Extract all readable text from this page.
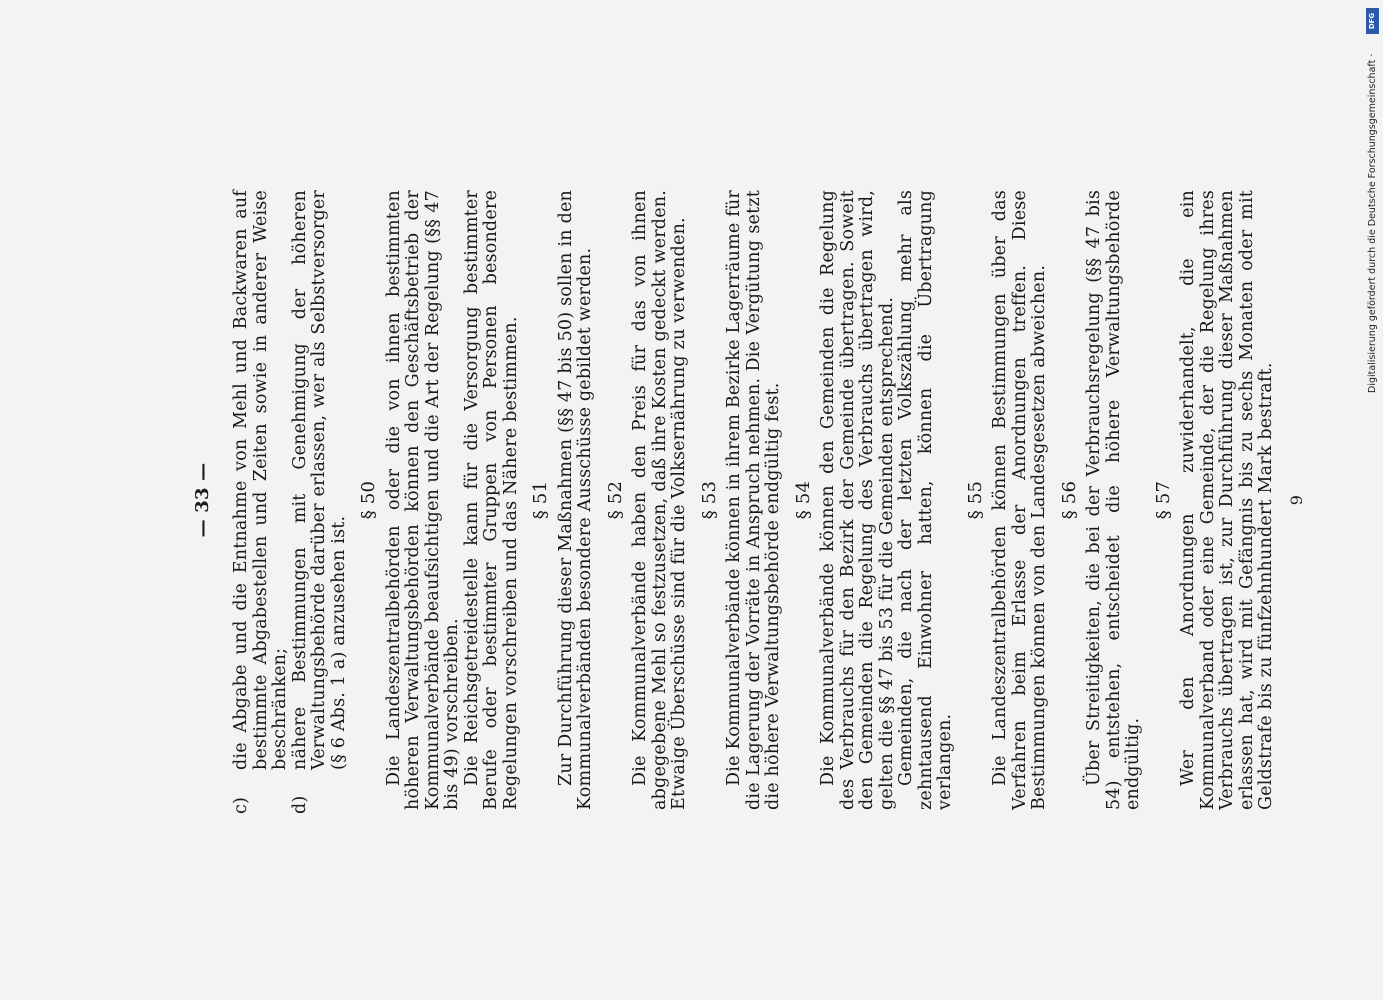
— 33 —
c)die Abgabe und die Entnahme von Mehl und Backwaren auf bestimmte Abgabestellen und Zeiten sowie in anderer Weise beschränken;
d)nähere Bestimmungen mit Genehmigung der höheren Verwaltungsbehörde darüber erlassen, wer als Selbstversorger (§ 6 Abs. 1 a) anzusehen ist.
§ 50 Die Landeszentralbehörden oder die von ihnen bestimmten höheren Verwaltungsbehörden können den Geschäftsbetrieb der Kommunalverbände beaufsichtigen und die Art der Regelung (§§ 47 bis 49) vorschreiben. Die Reichsgetreidestelle kann für die Versorgung bestimmter Berufe oder bestimmter Gruppen von Personen besondere Regelungen vorschreiben und das Nähere bestimmen. § 51 Zur Durchführung dieser Maßnahmen (§§ 47 bis 50) sollen in den Kommunalverbänden besondere Ausschüsse gebildet werden. § 52 Die Kommunalverbände haben den Preis für das von ihnen abgegebene Mehl so festzusetzen, daß ihre Kosten gedeckt werden. Etwaige Überschüsse sind für die Volksernährung zu verwenden. § 53 Die Kommunalverbände können in ihrem Bezirke Lagerräume für die Lagerung der Vorräte in Anspruch nehmen. Die Vergütung setzt die höhere Verwaltungsbehörde endgültig fest. § 54 Die Kommunalverbände können den Gemeinden die Regelung des Verbrauchs für den Bezirk der Gemeinde übertragen. Soweit den Gemeinden die Regelung des Verbrauchs übertragen wird, gelten die §§ 47 bis 53 für die Gemeinden entsprechend. Gemeinden, die nach der letzten Volkszählung mehr als zehntausend Einwohner hatten, können die Übertragung verlangen.

§ 55 Die Landeszentralbehörden können Bestimmungen über das Verfahren beim Erlasse der Anordnungen treffen. Diese Bestimmungen können von den Landesgesetzen abweichen. § 56 Über Streitigkeiten, die bei der Verbrauchsregelung (§§ 47 bis 54) entstehen, entscheidet die höhere Verwaltungsbehörde endgültig.

§ 57 Wer den Anordnungen zuwiderhandelt, die ein Kommunalverband oder eine Gemeinde, der die Regelung ihres Verbrauchs übertragen ist, zur Durchführung dieser Maßnahmen erlassen hat, wird mit Gefängnis bis zu sechs Monaten oder mit Geldstrafe bis zu fünfzehnhundert Mark bestraft. 9
DFG
Digitalisierung gefördert durch die Deutsche Forschungsgemeinschaft ·
